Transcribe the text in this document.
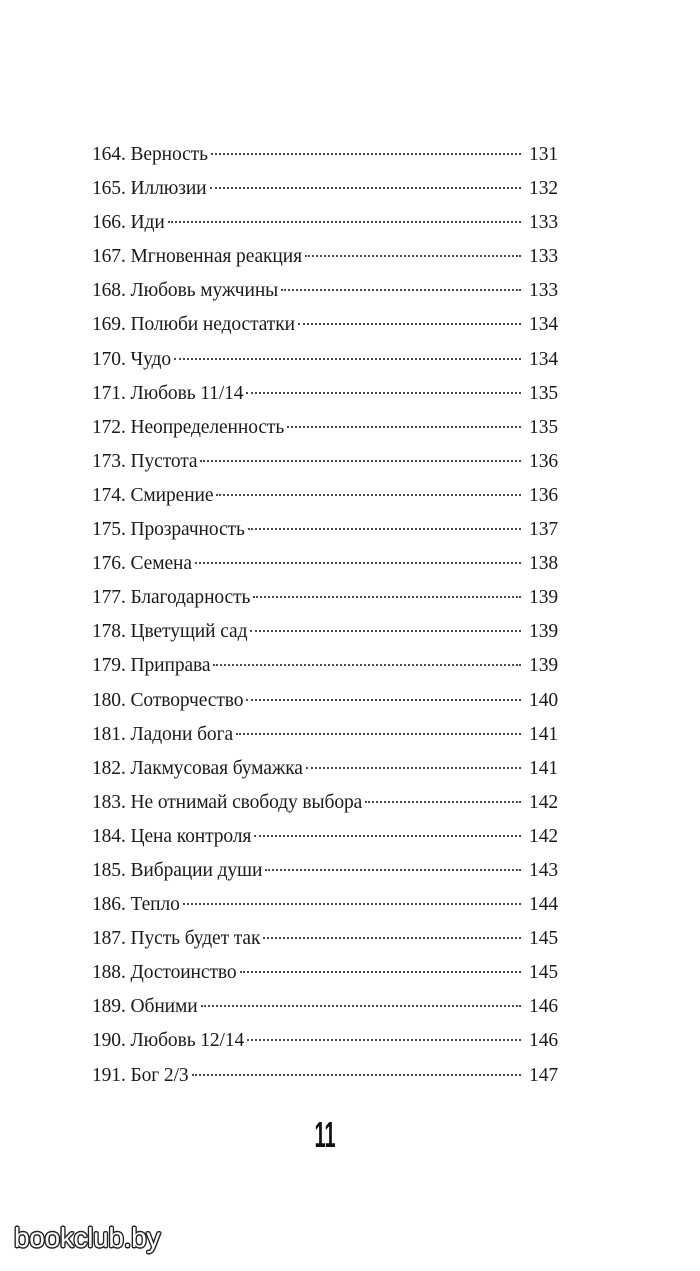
164. Верность	131
165. Иллюзии	132
166. Иди	133
167. Мгновенная реакция	133
168. Любовь мужчины	133
169. Полюби недостатки	134
170. Чудо	134
171. Любовь 11/14	135
172. Неопределенность	135
173. Пустота	136
174. Смирение	136
175. Прозрачность	137
176. Семена	138
177. Благодарность	139
178. Цветущий сад	139
179. Приправа	139
180. Сотворчество	140
181. Ладони бога	141
182. Лакмусовая бумажка	141
183. Не отнимай свободу выбора	142
184. Цена контроля	142
185. Вибрации души	143
186. Тепло	144
187. Пусть будет так	145
188. Достоинство	145
189. Обними	146
190. Любовь 12/14	146
191. Бог 2/3	147
11
bookclub.by
